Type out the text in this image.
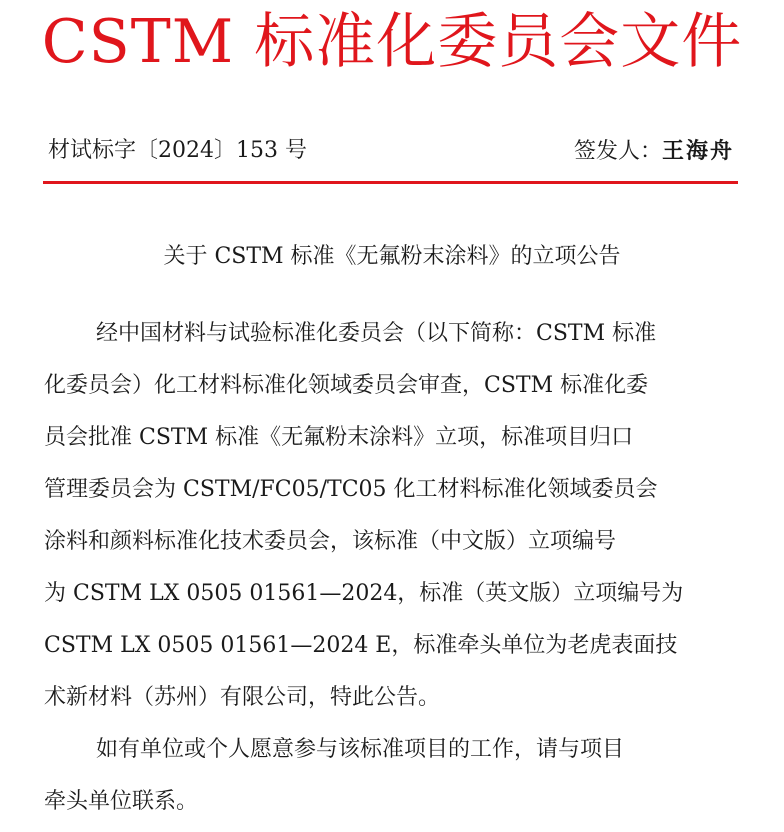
CSTM 标准化委员会文件
材试标字〔2024〕153 号	签发人：王海舟
关于 CSTM 标准《无氟粉末涂料》的立项公告
经中国材料与试验标准化委员会（以下简称：CSTM 标准
化委员会）化工材料标准化领域委员会审查，CSTM 标准化委
员会批准 CSTM 标准《无氟粉末涂料》立项，标准项目归口
管理委员会为 CSTM/FC05/TC05 化工材料标准化领域委员会
涂料和颜料标准化技术委员会，该标准（中文版）立项编号
为 CSTM LX 0505 01561—2024，标准（英文版）立项编号为
CSTM LX 0505 01561—2024 E，标准牵头单位为老虎表面技
术新材料（苏州）有限公司，特此公告。
如有单位或个人愿意参与该标准项目的工作，请与项目
牵头单位联系。
